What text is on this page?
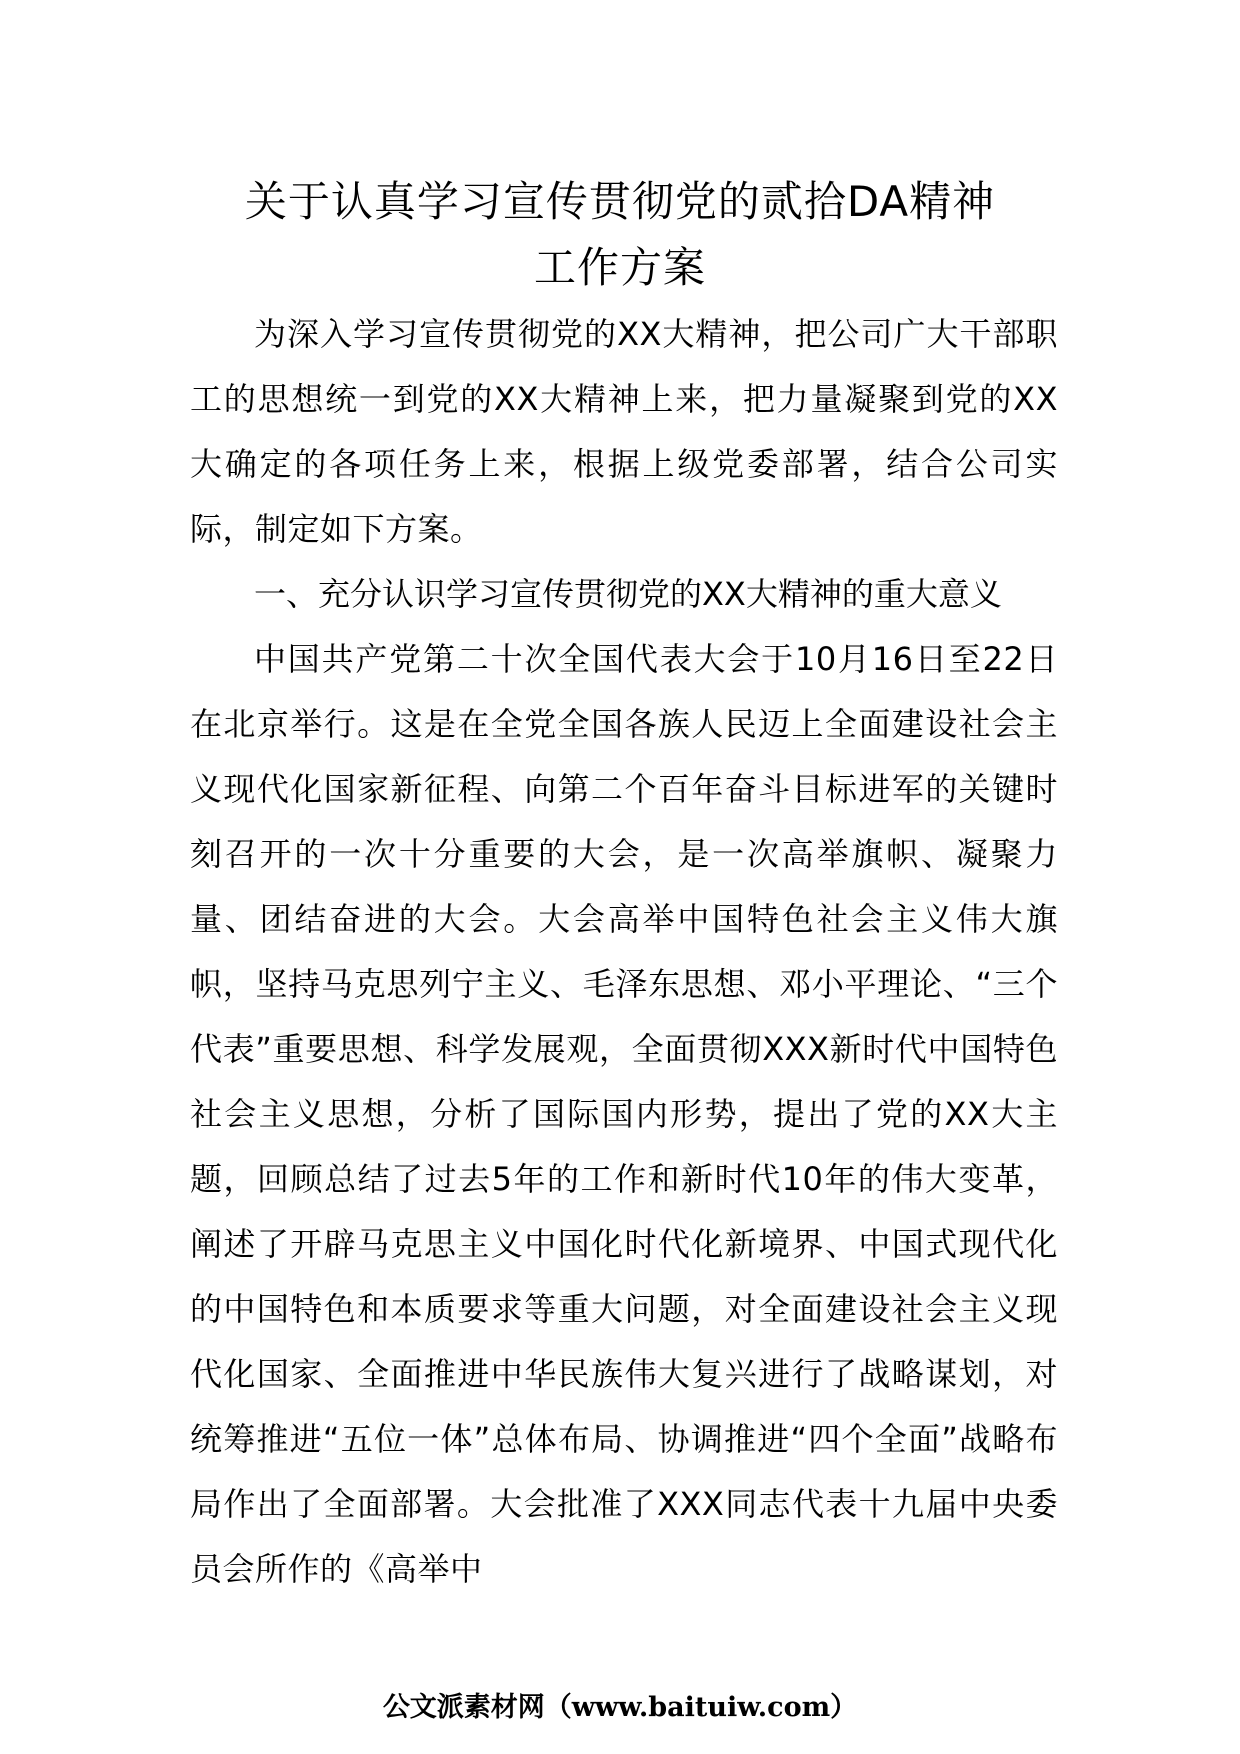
关于认真学习宣传贯彻党的贰拾DA精神
工作方案

为深入学习宣传贯彻党的XX大精神，把公司广大干部职工的思想统一到党的XX大精神上来，把力量凝聚到党的XX大确定的各项任务上来，根据上级党委部署，结合公司实际，制定如下方案。

一、充分认识学习宣传贯彻党的XX大精神的重大意义

中国共产党第二十次全国代表大会于10月16日至22日在北京举行。这是在全党全国各族人民迈上全面建设社会主义现代化国家新征程、向第二个百年奋斗目标进军的关键时刻召开的一次十分重要的大会，是一次高举旗帜、凝聚力量、团结奋进的大会。大会高举中国特色社会主义伟大旗帜，坚持马克思列宁主义、毛泽东思想、邓小平理论、“三个代表”重要思想、科学发展观，全面贯彻XXX新时代中国特色社会主义思想，分析了国际国内形势，提出了党的XX大主题，回顾总结了过去5年的工作和新时代10年的伟大变革，阐述了开辟马克思主义中国化时代化新境界、中国式现代化的中国特色和本质要求等重大问题，对全面建设社会主义现代化国家、全面推进中华民族伟大复兴进行了战略谋划，对统筹推进“五位一体”总体布局、协调推进“四个全面”战略布局作出了全面部署。大会批准了XXX同志代表十九届中央委员会所作的《高举中

公文派素材网（www.baituiw.com）
